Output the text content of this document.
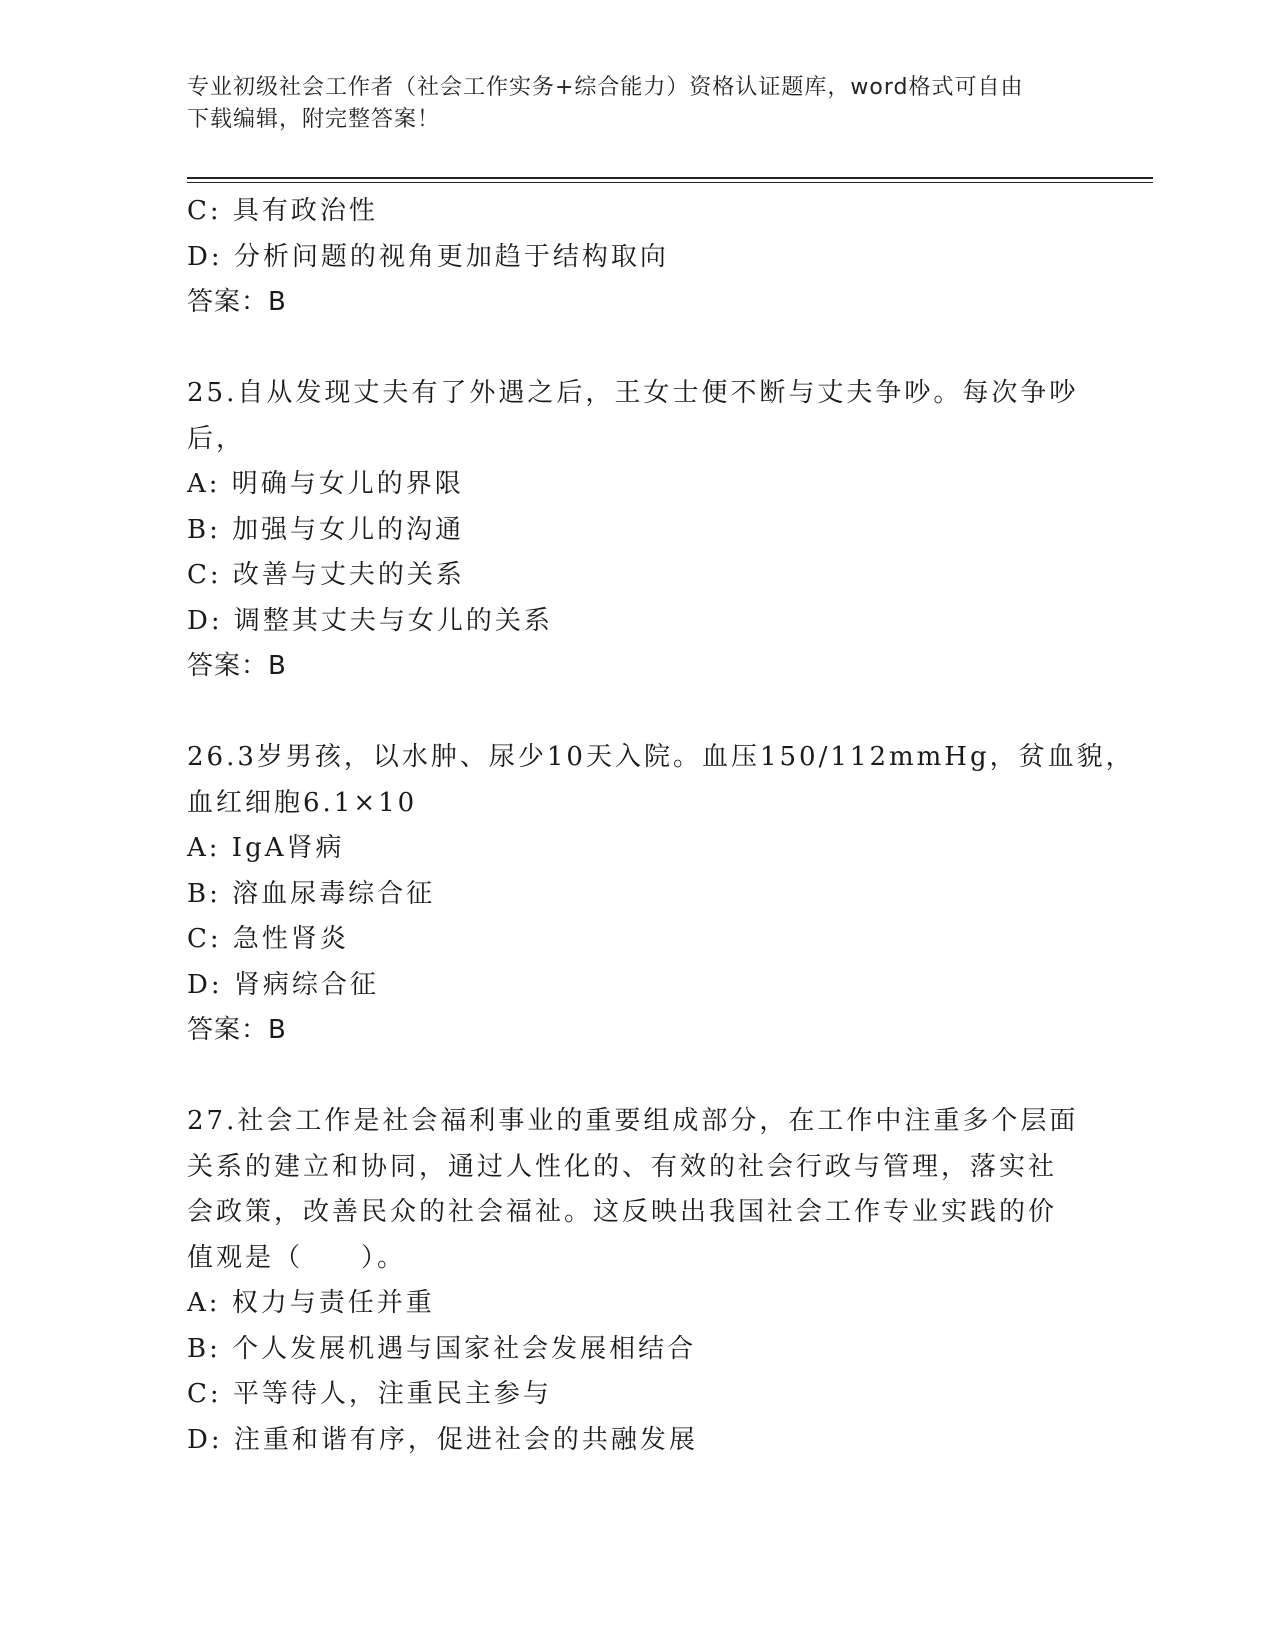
专业初级社会工作者（社会工作实务+综合能力）资格认证题库，word格式可自由
下载编辑，附完整答案！
C: 具有政治性
D: 分析问题的视角更加趋于结构取向
答案：B
25.自从发现丈夫有了外遇之后，王女士便不断与丈夫争吵。每次争吵
后，
A: 明确与女儿的界限
B: 加强与女儿的沟通
C: 改善与丈夫的关系
D: 调整其丈夫与女儿的关系
答案：B
26.3岁男孩，以水肿、尿少10天入院。血压150/112mmHg，贫血貌，
血红细胞6.1×10
A: IgA肾病
B: 溶血尿毒综合征
C: 急性肾炎
D: 肾病综合征
答案：B
27.社会工作是社会福利事业的重要组成部分，在工作中注重多个层面
关系的建立和协同，通过人性化的、有效的社会行政与管理，落实社
会政策，改善民众的社会福祉。这反映出我国社会工作专业实践的价
值观是（　　）。
A: 权力与责任并重
B: 个人发展机遇与国家社会发展相结合
C: 平等待人，注重民主参与
D: 注重和谐有序，促进社会的共融发展
